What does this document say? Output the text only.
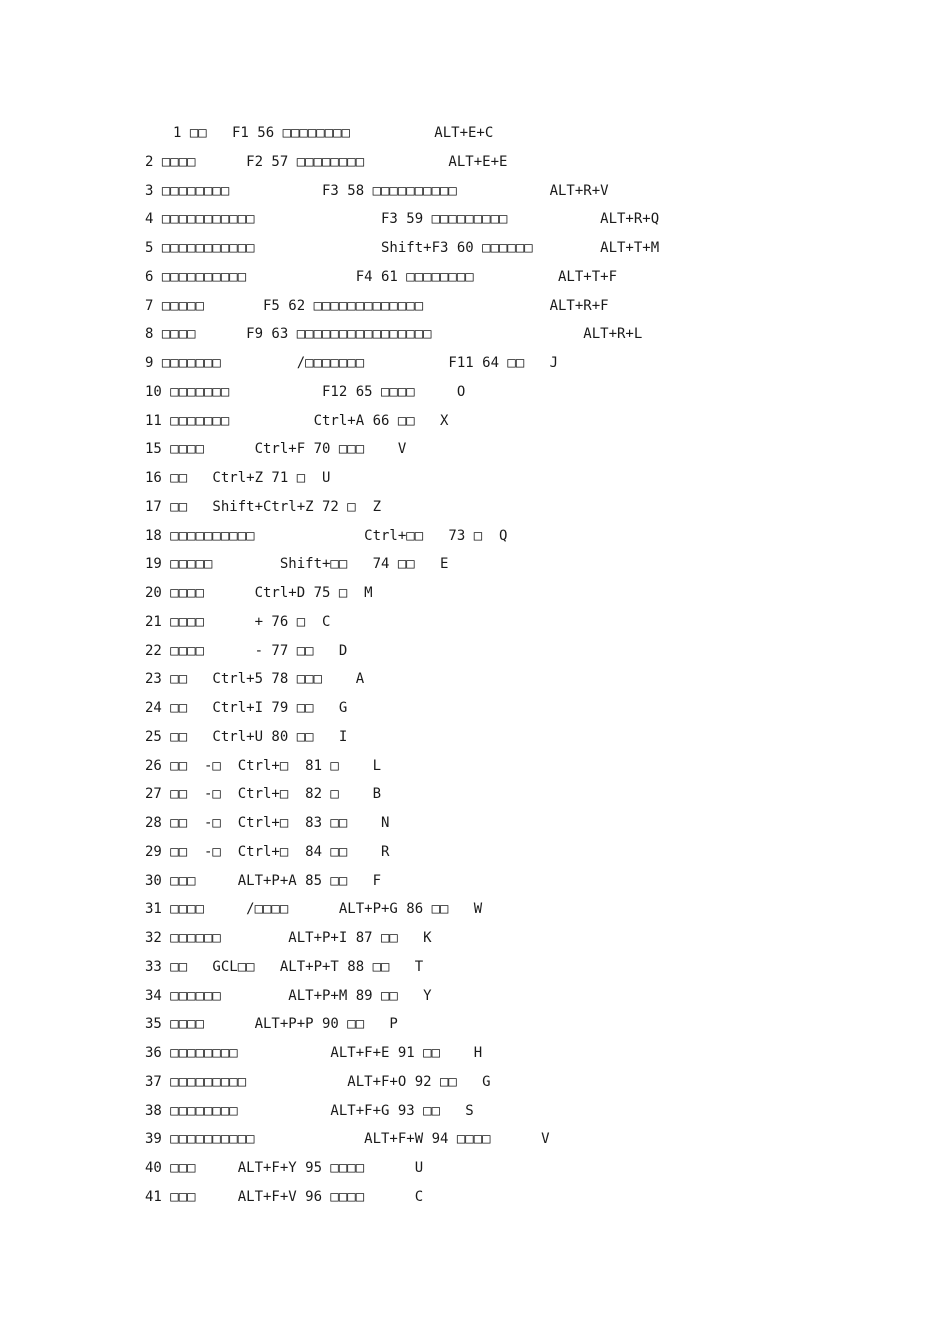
1 □□   F1 56 □□□□□□□□          ALT+E+C
2 □□□□      F2 57 □□□□□□□□          ALT+E+E
3 □□□□□□□□           F3 58 □□□□□□□□□□           ALT+R+V
4 □□□□□□□□□□□               F3 59 □□□□□□□□□           ALT+R+Q
5 □□□□□□□□□□□               Shift+F3 60 □□□□□□        ALT+T+M
6 □□□□□□□□□□             F4 61 □□□□□□□□          ALT+T+F
7 □□□□□       F5 62 □□□□□□□□□□□□□               ALT+R+F
8 □□□□      F9 63 □□□□□□□□□□□□□□□□                  ALT+R+L
9 □□□□□□□         /□□□□□□□          F11 64 □□   J
10 □□□□□□□           F12 65 □□□□     O
11 □□□□□□□          Ctrl+A 66 □□   X
15 □□□□      Ctrl+F 70 □□□    V
16 □□   Ctrl+Z 71 □  U
17 □□   Shift+Ctrl+Z 72 □  Z
18 □□□□□□□□□□             Ctrl+□□   73 □  Q
19 □□□□□        Shift+□□   74 □□   E
20 □□□□      Ctrl+D 75 □  M
21 □□□□      + 76 □  C
22 □□□□      - 77 □□   D
23 □□   Ctrl+5 78 □□□    A
24 □□   Ctrl+I 79 □□   G
25 □□   Ctrl+U 80 □□   I
26 □□  -□  Ctrl+□  81 □    L
27 □□  -□  Ctrl+□  82 □    B
28 □□  -□  Ctrl+□  83 □□    N
29 □□  -□  Ctrl+□  84 □□    R
30 □□□     ALT+P+A 85 □□   F
31 □□□□     /□□□□      ALT+P+G 86 □□   W
32 □□□□□□        ALT+P+I 87 □□   K
33 □□   GCL□□   ALT+P+T 88 □□   T
34 □□□□□□        ALT+P+M 89 □□   Y
35 □□□□      ALT+P+P 90 □□   P
36 □□□□□□□□           ALT+F+E 91 □□    H
37 □□□□□□□□□            ALT+F+O 92 □□   G
38 □□□□□□□□           ALT+F+G 93 □□   S
39 □□□□□□□□□□             ALT+F+W 94 □□□□      V
40 □□□     ALT+F+Y 95 □□□□      U
41 □□□     ALT+F+V 96 □□□□      C
